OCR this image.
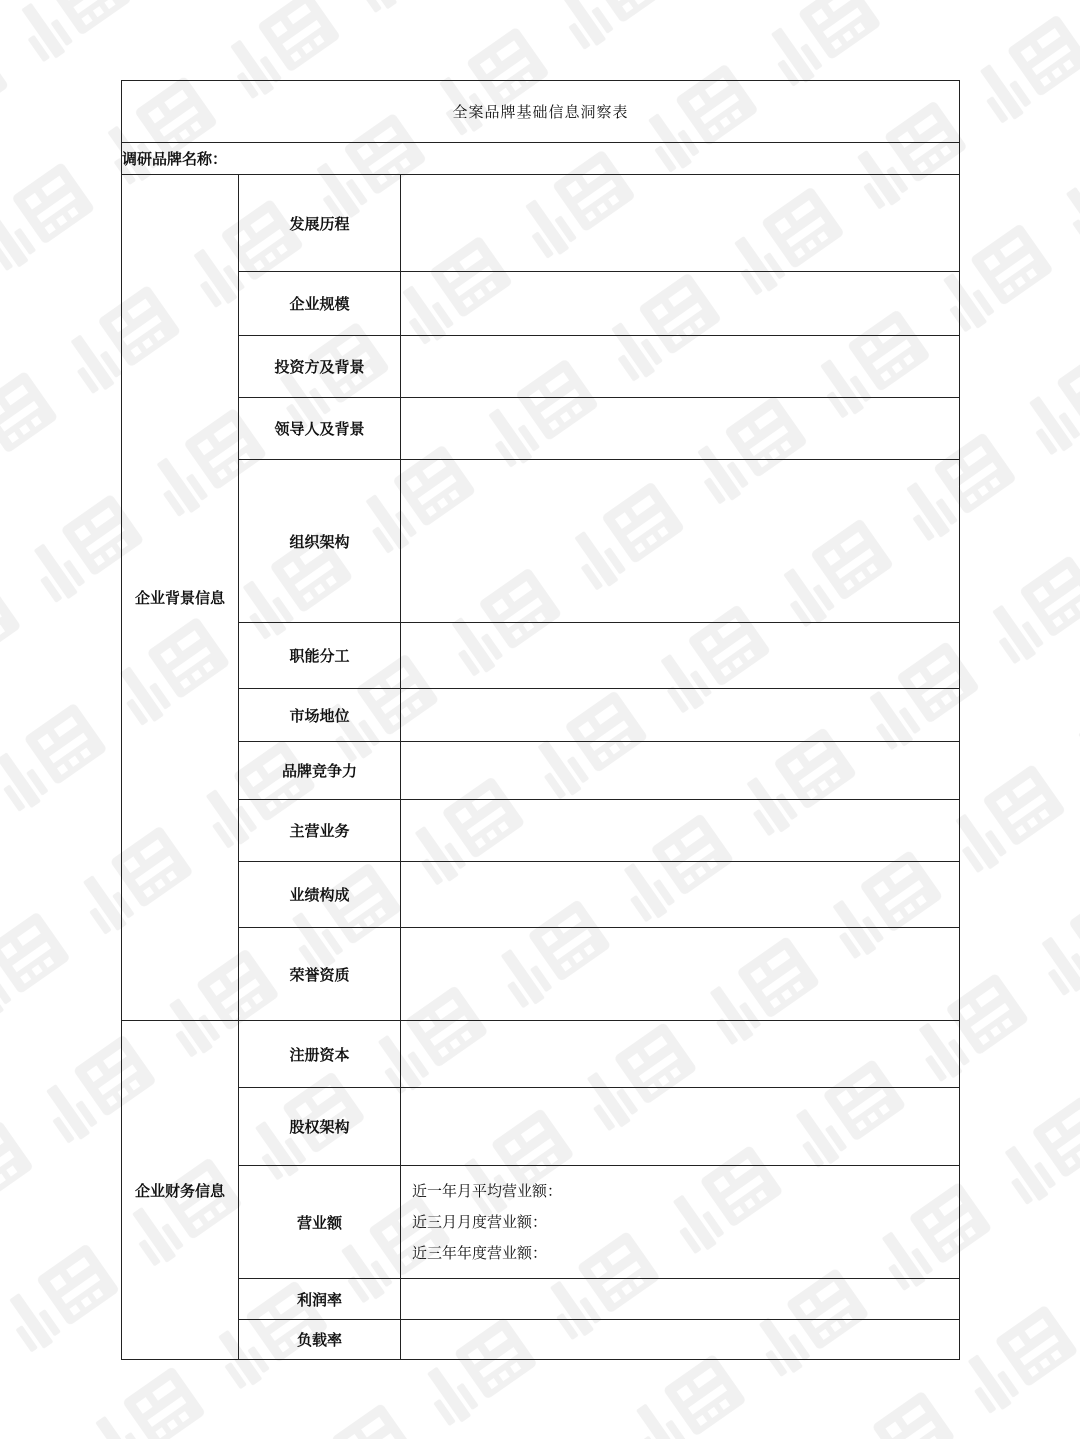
全案品牌基础信息洞察表		
调研品牌名称：		
企业背景信息	发展历程	
	企业规模	
	投资方及背景	
	领导人及背景	
	组织架构	
	职能分工	
	市场地位	
	品牌竞争力	
	主营业务	
	业绩构成	
	荣誉资质	
企业财务信息	注册资本	
	股权架构	
	营业额	近一年月平均营业额：
近三月月度营业额：
近三年年度营业额：

	利润率	
	负载率	
